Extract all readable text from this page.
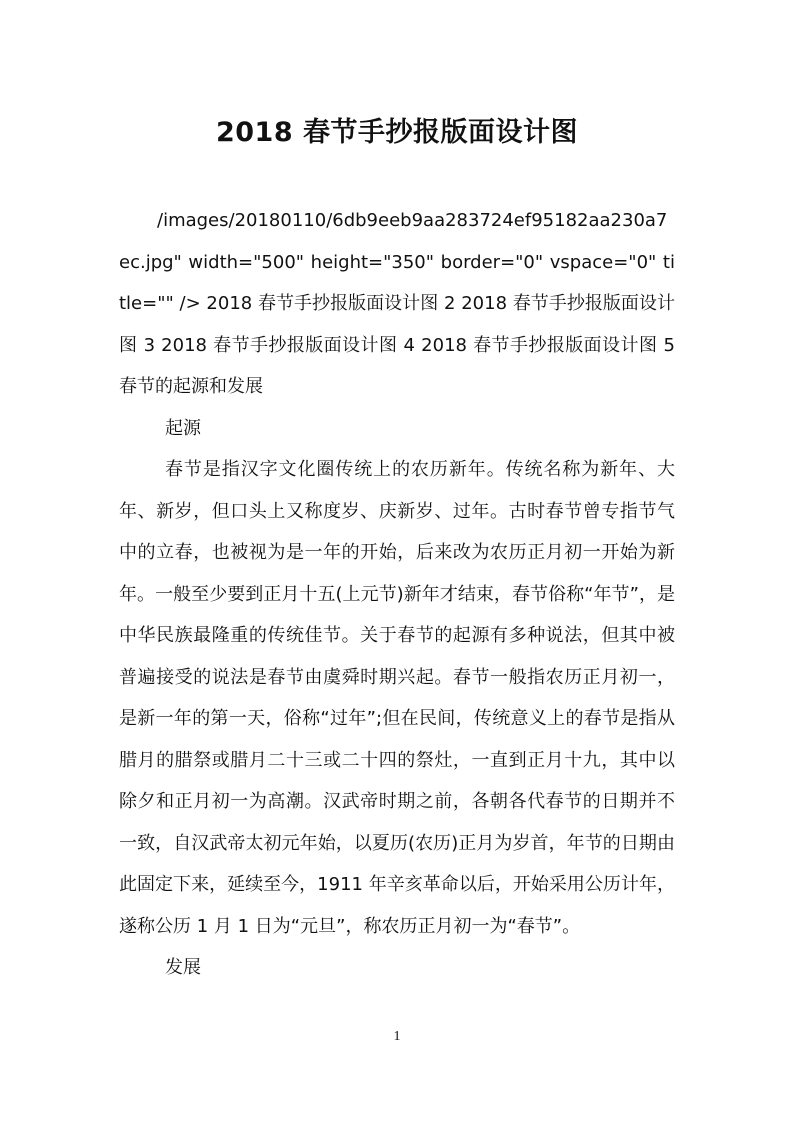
2018 春节手抄报版面设计图

/images/20180110/6db9eeb9aa283724ef95182aa230a7ec.jpg" width="500" height="350" border="0" vspace="0" title="" /> 2018 春节手抄报版面设计图 2 2018 春节手抄报版面设计图 3 2018 春节手抄报版面设计图 4 2018 春节手抄报版面设计图 5 春节的起源和发展

起源

春节是指汉字文化圈传统上的农历新年。传统名称为新年、大年、新岁，但口头上又称度岁、庆新岁、过年。古时春节曾专指节气中的立春，也被视为是一年的开始，后来改为农历正月初一开始为新年。一般至少要到正月十五(上元节)新年才结束，春节俗称“年节”，是中华民族最隆重的传统佳节。关于春节的起源有多种说法，但其中被普遍接受的说法是春节由虞舜时期兴起。春节一般指农历正月初一，是新一年的第一天，俗称“过年”;但在民间，传统意义上的春节是指从腊月的腊祭或腊月二十三或二十四的祭灶，一直到正月十九，其中以除夕和正月初一为高潮。汉武帝时期之前，各朝各代春节的日期并不一致，自汉武帝太初元年始，以夏历(农历)正月为岁首，年节的日期由此固定下来，延续至今，1911 年辛亥革命以后，开始采用公历计年，遂称公历 1 月 1 日为“元旦”，称农历正月初一为“春节”。

发展

1
